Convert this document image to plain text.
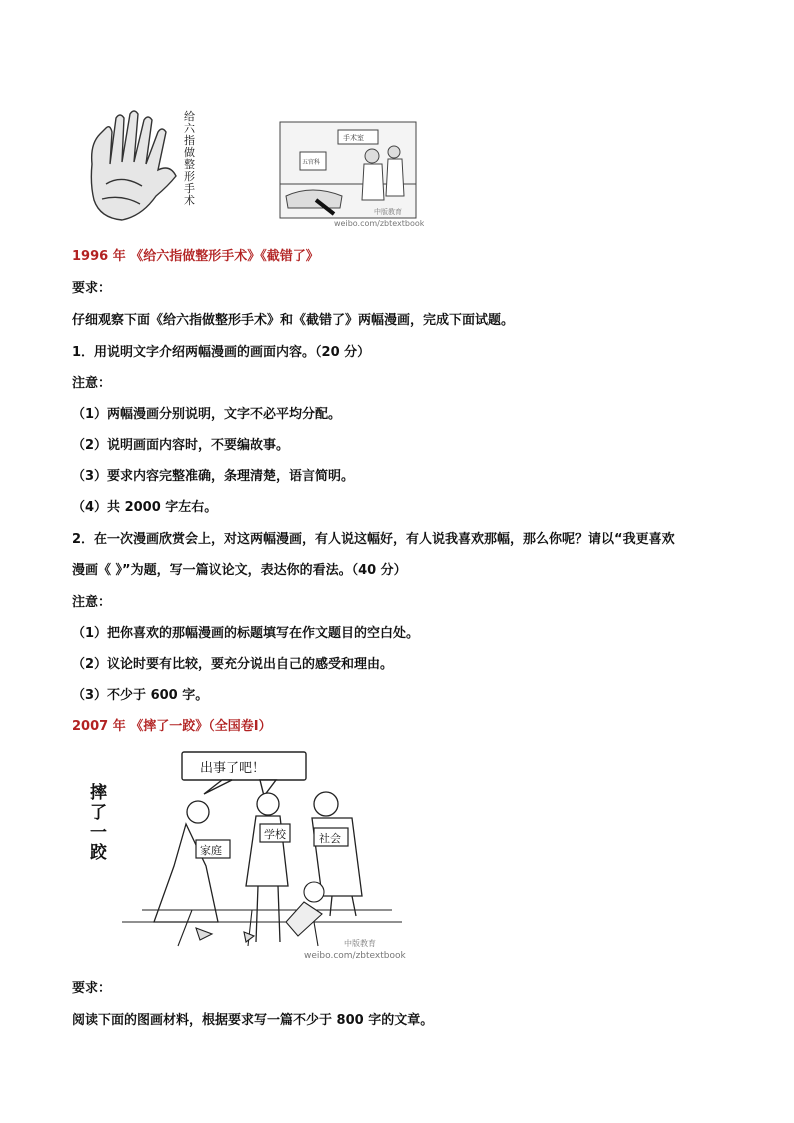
给六指做整形手术
手术室
五官科
中版教育
weibo.com/zbtextbook
1996 年 《给六指做整形手术》《截错了》
要求：
仔细观察下面《给六指做整形手术》和《截错了》两幅漫画，完成下面试题。
1．用说明文字介绍两幅漫画的画面内容。（20 分）
注意：
（1）两幅漫画分别说明，文字不必平均分配。
（2）说明画面内容时，不要编故事。
（3）要求内容完整准确，条理清楚，语言简明。
（4）共 2000 字左右。
2．在一次漫画欣赏会上，对这两幅漫画，有人说这幅好，有人说我喜欢那幅，那么你呢？请以“我更喜欢
漫画《 》”为题，写一篇议论文，表达你的看法。（40 分）
注意：
（1）把你喜欢的那幅漫画的标题填写在作文题目的空白处。
（2）议论时要有比较，要充分说出自己的感受和理由。
（3）不少于 600 字。
2007 年 《摔了一跤》（全国卷Ⅰ）
摔
了
一
跤
出事了吧！
家庭
学校	社会
中版教育
weibo.com/zbtextbook
要求：
阅读下面的图画材料，根据要求写一篇不少于 800 字的文章。
